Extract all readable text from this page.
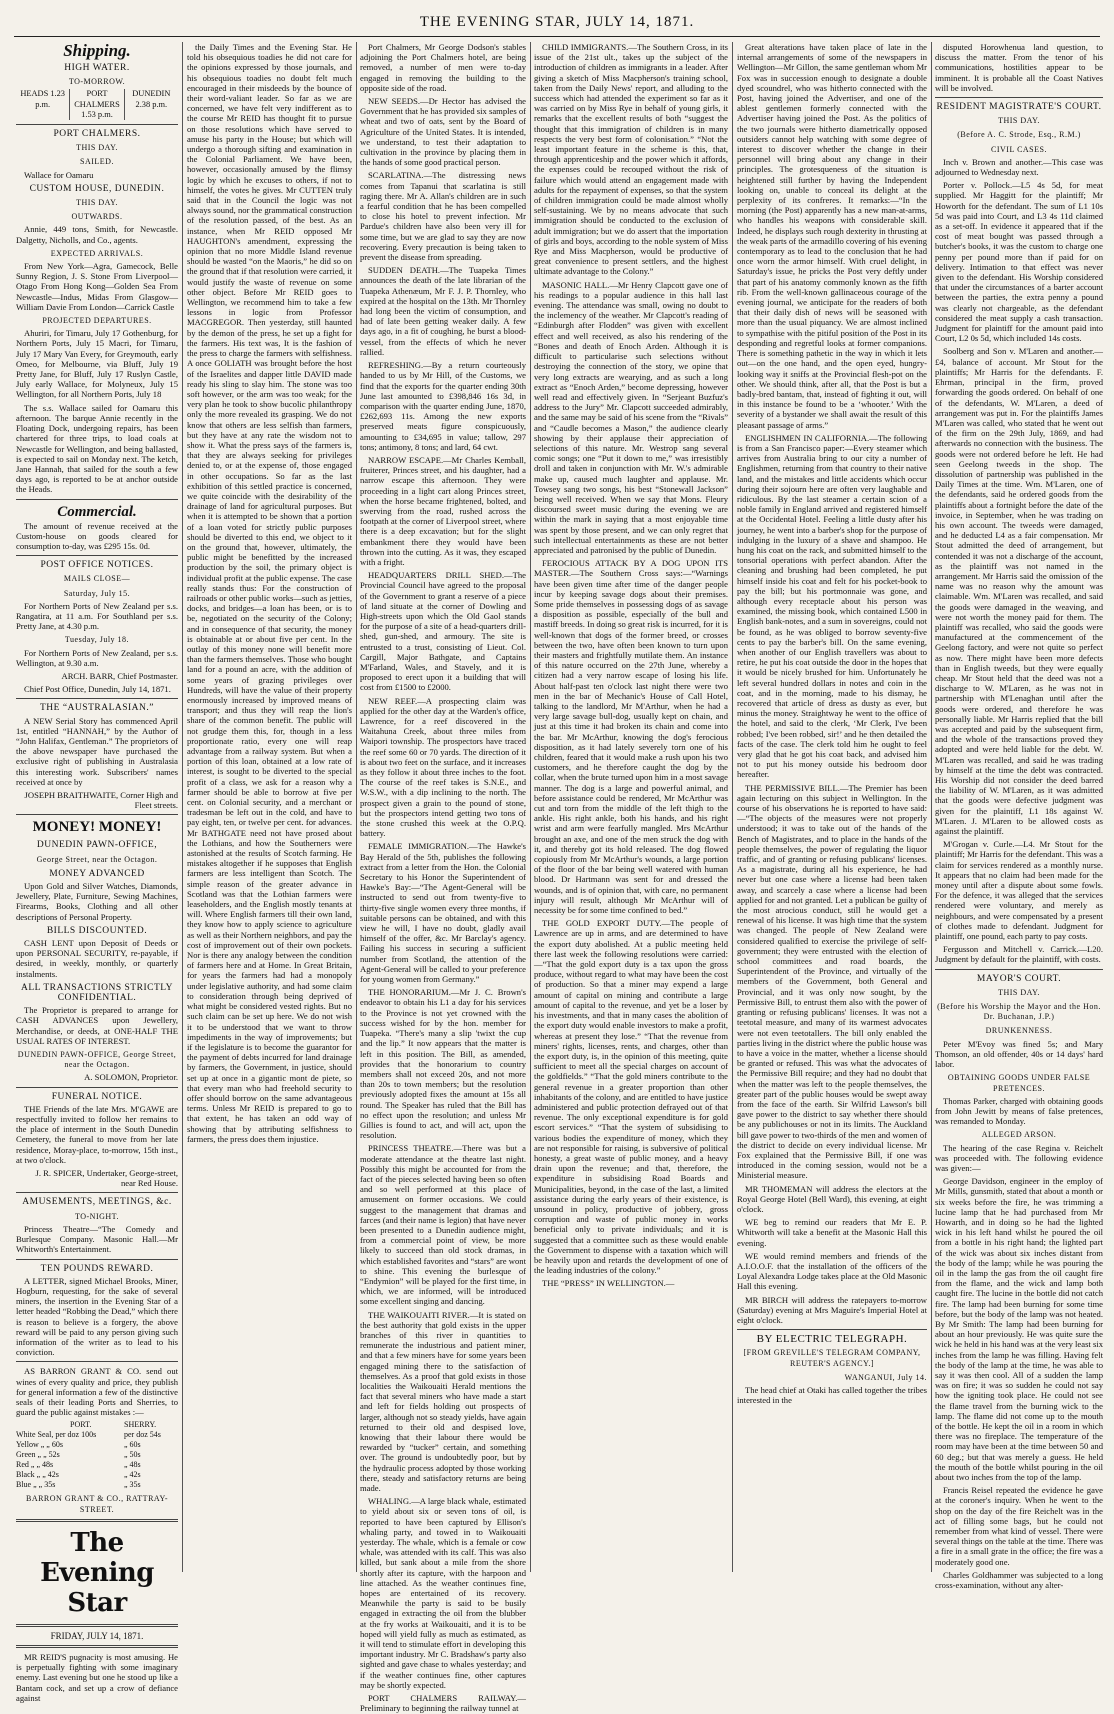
THE EVENING STAR, JULY 14, 1871.
Shipping.
HIGH WATER.
TO-MORROW.
HEADS 1.23 p.m.
PORT CHALMERS 1.53 p.m.
DUNEDIN 2.38 p.m.
PORT CHALMERS.
THIS DAY.
SAILED.

Wallace for Oamaru

CUSTOM HOUSE, DUNEDIN.
THIS DAY.
OUTWARDS.

Annie, 449 tons, Smith, for Newcastle. Dalgetty, Nicholls, and Co., agents.

EXPECTED ARRIVALS.

From New York—Agra, Gamecock, Belle Sunny Region, J. S. Stone From Liverpool—Otago From Hong Kong—Golden Sea From Newcastle—Indus, Midas From Glasgow—William Davie From London—Carrick Castle

PROJECTED DEPARTURES.

Ahuriri, for Timaru, July 17 Gothenburg, for Northern Ports, July 15 Macri, for Timaru, July 17 Mary Van Every, for Greymouth, early Omeo, for Melbourne, via Bluff, July 19 Pretty Jane, for Bluff, July 17 Ruslyn Castle, July early Wallace, for Molyneux, July 15 Wellington, for all Northern Ports, July 18

The s.s. Wallace sailed for Oamaru this afternoon. The barque Annie recently in the Floating Dock, undergoing repairs, has been chartered for three trips, to load coals at Newcastle for Wellington, and being ballasted, is expected to sail on Monday next. The ketch, Jane Hannah, that sailed for the south a few days ago, is reported to be at anchor outside the Heads.

Commercial.

The amount of revenue received at the Custom-house on goods cleared for consumption to-day, was £295 15s. 0d.

POST OFFICE NOTICES.
MAILS CLOSE—
Saturday, July 15.

For Northern Ports of New Zealand per s.s. Rangatira, at 11 a.m. For Southland per s.s. Pretty Jane, at 4.30 p.m.

Tuesday, July 18.

For Northern Ports of New Zealand, per s.s. Wellington, at 9.30 a.m.

ARCH. BARR, Chief Postmaster.

Chief Post Office, Dunedin, July 14, 1871.

THE “AUSTRALASIAN.”

A NEW Serial Story has commenced April 1st, entitled “HANNAH,” by the Author of “John Halifax, Gentleman.” The proprietors of the above newspaper have purchased the exclusive right of publishing in Australasia this interesting work. Subscribers' names received at once by

JOSEPH BRAITHWAITE, Corner High and Fleet streets.

MONEY! MONEY!
DUNEDIN PAWN-OFFICE,
George Street, near the Octagon.
MONEY ADVANCED

Upon Gold and Silver Watches, Diamonds, Jewellery, Plate, Furniture, Sewing Machines, Firearms, Books, Clothing and all other descriptions of Personal Property.

BILLS DISCOUNTED.

CASH LENT upon Deposit of Deeds or upon PERSONAL SECURITY, re-payable, if desired, in weekly, monthly, or quarterly instalments.

ALL TRANSACTIONS STRICTLY CONFIDENTIAL.

The Proprietor is prepared to arrange for CASH ADVANCES upon Jewellery, Merchandise, or deeds, at ONE-HALF THE USUAL RATES OF INTEREST.

DUNEDIN PAWN-OFFICE, George Street, near the Octagon.

A. SOLOMON, Proprietor.

FUNERAL NOTICE.

THE Friends of the late Mrs. M'GAWE are respectfully invited to follow her remains to the place of interment in the South Dunedin Cemetery, the funeral to move from her late residence, Moray-place, to-morrow, 15th inst., at two o'clock.

J. R. SPICER, Undertaker, George-street, near Red House.

AMUSEMENTS, MEETINGS, &c.
TO-NIGHT.

Princess Theatre—“The Comedy and Burlesque Company. Masonic Hall.—Mr Whitworth's Entertainment.

TEN POUNDS REWARD.

A LETTER, signed Michael Brooks, Miner, Hogburn, requesting, for the sake of several miners, the insertion in the Evening Star of a letter headed “Robbing the Dead,” which there is reason to believe is a forgery, the above reward will be paid to any person giving such information of the writer as to lead to his conviction.

AS BARRON GRANT & CO. send out wines of every quality and price, they publish for general information a few of the distinctive seals of their leading Ports and Sherries, to guard the public against mistakes :—

PORT.	SHERRY.
White Seal, per doz 100s	per doz 54s
Yellow „ „ 60s	„ 60s
Green „ „ 52s	„ 50s
Red „ „ 48s	„ 48s
Black „ „ 42s	„ 42s
Blue „ „ 35s	„ 35s
BARRON GRANT & CO., RATTRAY-STREET.
The Evening Star
FRIDAY, JULY 14, 1871.

MR REID'S pugnacity is most amusing. He is perpetually fighting with some imaginary enemy. Last evening but one he stood up like a Bantam cock, and set up a crow of defiance against

the Daily Times and the Evening Star. He told his obsequious toadies he did not care for the opinions expressed by those journals, and his obsequious toadies no doubt felt much encouraged in their misdeeds by the bounce of their word-valiant leader. So far as we are concerned, we have felt very indifferent as to the course Mr REID has thought fit to pursue on those resolutions which have served to amuse his party in the House; but which will undergo a thorough sifting and examination in the Colonial Parliament. We have been, however, occasionally amused by the flimsy logic by which he excuses to others, if not to himself, the votes he gives. Mr CUTTEN truly said that in the Council the logic was not always sound, nor the grammatical construction of the resolution passed, of the best. As an instance, when Mr REID opposed Mr HAUGHTON's amendment, expressing the opinion that no more Middle Island revenue should be wasted “on the Maoris,” he did so on the ground that if that resolution were carried, it would justify the waste of revenue on some other object. Before Mr REID goes to Wellington, we recommend him to take a few lessons in logic from Professor MACGREGOR. Then yesterday, still haunted by the demon of the press, he set up a fight for the farmers. His text was, It is the fashion of the press to charge the farmers with selfishness. A once GOLIATH was brought before the host of the Israelites and dapper little DAVID made ready his sling to slay him. The stone was too soft however, or the arm was too weak; for the very plan he took to show bucolic philanthropy only the more revealed its grasping. We do not know that others are less selfish than farmers, but they have at any rate the wisdom not to show it. What the press says of the farmers is, that they are always seeking for privileges denied to, or at the expense of, those engaged in other occupations. So far as the last exhibition of this settled practice is concerned, we quite coincide with the desirability of the drainage of land for agricultural purposes. But when it is attempted to be shown that a portion of a loan voted for strictly public purposes should be diverted to this end, we object to it on the ground that, however, ultimately, the public might be benefitted by the increased production by the soil, the primary object is individual profit at the public expense. The case really stands thus: For the construction of railroads or other public works—such as jetties, docks, and bridges—a loan has been, or is to be, negotiated on the security of the Colony; and in consequence of that security, the money is obtainable at or about five per cent. In the outlay of this money none will benefit more than the farmers themselves. Those who bought land for a pound an acre, with the addition of some years of grazing privileges over Hundreds, will have the value of their property enormously increased by improved means of transport; and thus they will reap the lion's share of the common benefit. The public will not grudge them this, for, though in a less proportionate ratio, every one will reap advantage from a railway system. But when a portion of this loan, obtained at a low rate of interest, is sought to be diverted to the special profit of a class, we ask for a reason why a farmer should be able to borrow at five per cent. on Colonial security, and a merchant or tradesman be left out in the cold, and have to pay eight, ten, or twelve per cent. for advances. Mr BATHGATE need not have prosed about the Lothians, and how the Southerners were astonished at the results of Scotch farming. He mistakes altogether if he supposes that English farmers are less intelligent than Scotch. The simple reason of the greater advance in Scotland was that the Lothian farmers were leaseholders, and the English mostly tenants at will. Where English farmers till their own land, they know how to apply science to agriculture as well as their Northern neighbors, and pay the cost of improvement out of their own pockets. Nor is there any analogy between the condition of farmers here and at Home. In Great Britain, for years the farmers had had a monopoly under legislative authority, and had some claim to consideration through being deprived of what might be considered vested rights. But no such claim can be set up here. We do not wish it to be understood that we want to throw impediments in the way of improvements; but if the legislature is to become the guarantor for the payment of debts incurred for land drainage by farmers, the Government, in justice, should set up at once in a gigantic mont de piete, so that every man who had freehold security to offer should borrow on the same advantageous terms. Unless Mr REID is prepared to go to that extent, he has taken an odd way of showing that by attributing selfishness to farmers, the press does them injustice.

Port Chalmers, Mr George Dodson's stables adjoining the Port Chalmers hotel, are being removed, a number of men were to-day engaged in removing the building to the opposite side of the road.

NEW SEEDS.—Dr Hector has advised the Government that he has provided six samples of wheat and two of oats, sent by the Board of Agriculture of the United States. It is intended, we understand, to test their adaptation to cultivation in the province by placing them in the hands of some good practical person.

SCARLATINA.—The distressing news comes from Tapanui that scarlatina is still raging there. Mr A. Allan's children are in such a fearful condition that he has been compelled to close his hotel to prevent infection. Mr Pardue's children have also been very ill for some time, but we are glad to say they are now recovering. Every precaution is being taken to prevent the disease from spreading.

SUDDEN DEATH.—The Tuapeka Times announces the death of the late librarian of the Tuapeka Athenæum, Mr F. J. P. Thornley, who expired at the hospital on the 13th. Mr Thornley had long been the victim of consumption, and had of late been getting weaker daily. A few days ago, in a fit of coughing, he burst a blood-vessel, from the effects of which he never rallied.

REFRESHING.—By a return courteously handed to us by Mr Hill, of the Customs, we find that the exports for the quarter ending 30th June last amounted to £398,846 16s 3d, in comparison with the quarter ending June, 1870, £262,693 11s. Among the new exports preserved meats figure conspicuously, amounting to £34,695 in value; tallow, 297 tons; antimony, 8 tons; and lard, 64 cwt.

NARROW ESCAPE.—Mr Charles Kemball, fruiterer, Princes street, and his daughter, had a narrow escape this afternoon. They were proceeding in a light cart along Princes street, when the horse became frightened, bolted, and swerving from the road, rushed across the footpath at the corner of Liverpool street, where there is a deep excavation; but for the slight embankment there they would have been thrown into the cutting. As it was, they escaped with a fright.

HEADQUARTERS DRILL SHED.—The Provincial Council have agreed to the proposal of the Government to grant a reserve of a piece of land situate at the corner of Dowling and High-streets upon which the Old Gaol stands for the purpose of a site of a head-quarters drill-shed, gun-shed, and armoury. The site is entrusted to a trust, consisting of Lieut. Col. Cargill, Major Bathgate, and Captains M'Farland, Wales, and Stavely, and it is proposed to erect upon it a building that will cost from £1500 to £2000.

NEW REEF.—A prospecting claim was applied for the other day at the Warden's office, Lawrence, for a reef discovered in the Waitahuna Creek, about three miles from Waipori township. The prospectors have traced the reef some 60 or 70 yards. The direction of it is about two feet on the surface, and it increases as they follow it about three inches to the foot. The course of the reef takes is S.N.E., and W.S.W., with a dip inclining to the north. The prospect given a grain to the pound of stone, but the prospectors intend getting two tons of the stone crushed this week at the O.P.Q. battery.

FEMALE IMMIGRATION.—The Hawke's Bay Herald of the 5th, publishes the following extract from a letter from the Hon. the Colonial Secretary to his Honor the Superintendent of Hawke's Bay:—“The Agent-General will be instructed to send out from twenty-five to thirty-five single women every three months, if suitable persons can be obtained, and with this view he will, I have no doubt, gladly avail himself of the offer, &c. Mr Barclay's agency. Failing his success in securing a sufficient number from Scotland, the attention of the Agent-General will be called to your preference for young women from Germany.”

THE HONORARIUM.—Mr J. C. Brown's endeavor to obtain his L1 a day for his services to the Province is not yet crowned with the success wished for by the hon. member for Tuapeka. “There's many a slip 'twixt the cup and the lip.” It now appears that the matter is left in this position. The Bill, as amended, provides that the honorarium to country members shall not exceed 20s, and not more than 20s to town members; but the resolution previously adopted fixes the amount at 15s all round. The Speaker has ruled that the Bill has no effect upon the resolution; and unless Mr Gillies is found to act, and will act, upon the resolution.

PRINCESS THEATRE.—There was but a moderate attendance at the theatre last night. Possibly this might be accounted for from the fact of the pieces selected having been so often and so well performed at this place of amusement on former occasions. We could suggest to the management that dramas and farces (and their name is legion) that have never been presented to a Dunedin audience might, from a commercial point of view, be more likely to succeed than old stock dramas, in which established favorites and “stars” are wont to shine. This evening the burlesque of “Endymion” will be played for the first time, in which, we are informed, will be introduced some excellent singing and dancing.

THE WAIKOUAITI RIVER.—It is stated on the best authority that gold exists in the upper branches of this river in quantities to remunerate the industrious and patient miner, and that a few miners have for some years been engaged mining there to the satisfaction of themselves. As a proof that gold exists in those localities the Waikouaiti Herald mentions the fact that several miners who have made a start and left for fields holding out prospects of larger, although not so steady yields, have again returned to their old and despised love, knowing that their labour there would be rewarded by “tucker” certain, and something over. The ground is undoubtedly poor, but by the hydraulic process adopted by those working there, steady and satisfactory returns are being made.

WHALING.—A large black whale, estimated to yield about six or seven tons of oil, is reported to have been captured by Ellison's whaling party, and towed in to Waikouaiti yesterday. The whale, which is a female or cow whale, was attended with its calf. This was also killed, but sank about a mile from the shore shortly after its capture, with the harpoon and line attached. As the weather continues fine, hopes are entertained of its recovery. Meanwhile the party is said to be busily engaged in extracting the oil from the blubber at the fry works at Waikouaiti, and it is to be hoped will yield fully as much as estimated, as it will tend to stimulate effort in developing this important industry. Mr C. Bradshaw's party also sighted and gave chase to whales yesterday; and if the weather continues fine, other captures may be shortly expected.

PORT CHALMERS RAILWAY.—Preliminary to beginning the railway tunnel at

CHILD IMMIGRANTS.—The Southern Cross, in its issue of the 21st ult., takes up the subject of the introduction of children as immigrants in a leader. After giving a sketch of Miss Macpherson's training school, taken from the Daily News' report, and alluding to the success which had attended the experiment so far as it was carried on by Miss Rye in behalf of young girls, it remarks that the excellent results of both “suggest the thought that this immigration of children is in many respects the very best form of colonisation.” “Not the least important feature in the scheme is this, that, through apprenticeship and the power which it affords, the expenses could be recouped without the risk of failure which would attend an engagement made with adults for the repayment of expenses, so that the system of children immigration could be made almost wholly self-sustaining. We by no means advocate that such immigration should be conducted to the exclusion of adult immigration; but we do assert that the importation of girls and boys, according to the noble system of Miss Rye and Miss Macpherson, would be productive of great convenience to present settlers, and the highest ultimate advantage to the Colony.”

MASONIC HALL.—Mr Henry Clapcott gave one of his readings to a popular audience in this hall last evening. The attendance was small, owing no doubt to the inclemency of the weather. Mr Clapcott's reading of “Edinburgh after Flodden” was given with excellent effect and well received, as also his rendering of the “Bones and death of Enoch Arden. Although it is difficult to particularise such selections without destroying the connection of the story, we opine that very long extracts are wearying, and as such a long extract as “Enoch Arden,” become depressing, however well read and effectively given. In “Serjeant Buzfuz's address to the Jury” Mr. Clapcott succeeded admirably, and the same may be said of his scene from the “Rivals” and “Caudle becomes a Mason,” the audience clearly showing by their applause their appreciation of selections of this nature. Mr. Westrop sang several comic songs; one “Put it down to me,” was irresistibly droll and taken in conjunction with Mr. W.'s admirable make up, caused much laughter and applause. Mr. Towsey sang two songs, his best “Stonewall Jackson” being well received. When we say that Mons. Fleury discoursed sweet music during the evening we are within the mark in saying that a most enjoyable time was spent by those present, and we can only regret that such intellectual entertainments as these are not better appreciated and patronised by the public of Dunedin.

FEROCIOUS ATTACK BY A DOG UPON ITS MASTER.—The Southern Cross says:—“Warnings have been given time after time of the danger people incur by keeping savage dogs about their premises. Some pride themselves in possessing dogs of as savage a disposition as possible, especially of the bull and mastiff breeds. In doing so great risk is incurred, for it is well-known that dogs of the former breed, or crosses between the two, have often been known to turn upon their masters and frightfully mutilate them. An instance of this nature occurred on the 27th June, whereby a citizen had a very narrow escape of losing his life. About half-past ten o'clock last night there were two men in the bar of Mechanic's House of Call Hotel, talking to the landlord, Mr M'Arthur, when he had a very large savage bull-dog, usually kept on chain, and just at this time it had broken its chain and come into the bar. Mr McArthur, knowing the dog's ferocious disposition, as it had lately severely torn one of his children, feared that it would make a rush upon his two customers, and he therefore caught the dog by the collar, when the brute turned upon him in a most savage manner. The dog is a large and powerful animal, and before assistance could be rendered, Mr McArthur was cut and torn from the middle of the left thigh to the ankle. His right ankle, both his hands, and his right wrist and arm were fearfully mangled. Mrs McArthur brought an axe, and one of the men struck the dog with it, and thereby got its hold released. The dog flowed copiously from Mr McArthur's wounds, a large portion of the floor of the bar being well watered with human blood. Dr Hartmann was sent for and dressed the wounds, and is of opinion that, with care, no permanent injury will result, although Mr McArthur will of necessity be for some time confined to bed.”

THE GOLD EXPORT DUTY.—The people of Lawrence are up in arms, and are determined to have the export duty abolished. At a public meeting held there last week the following resolutions were carried:—“That the gold export duty is a tax upon the gross produce, without regard to what may have been the cost of production. So that a miner may expend a large amount of capital on mining and contribute a large amount of capital to the revenue, and yet be a loser by his investments, and that in many cases the abolition of the export duty would enable investors to make a profit, whereas at present they lose.” “That the revenue from miners' rights, licenses, rents, and charges, other than the export duty, is, in the opinion of this meeting, quite sufficient to meet all the special charges on account of the goldfields.” “That the gold miners contribute to the general revenue in a greater proportion than other inhabitants of the colony, and are entitled to have justice administered and public protection defrayed out of that revenue. The only exceptional expenditure is for gold escort services.” “That the system of subsidising to various bodies the expenditure of money, which they are not responsible for raising, is subversive of political honesty, a great waste of public money, and a heavy drain upon the revenue; and that, therefore, the expenditure in subsidising Road Boards and Municipalities, beyond, in the case of the last, a limited assistance during the early years of their existence, is unsound in policy, productive of jobbery, gross corruption and waste of public money in works beneficial only to private individuals; and it is suggested that a committee such as these would enable the Government to dispense with a taxation which will be heavily upon and retards the development of one of the leading industries of the colony.”

THE “PRESS” IN WELLINGTON.—

Great alterations have taken place of late in the internal arrangements of some of the newspapers in Wellington—Mr Gillon, the same gentleman whom Mr Fox was in succession enough to designate a double dyed scoundrel, who was hitherto connected with the Post, having joined the Advertiser, and one of the ablest gentlemen formerly connected with the Advertiser having joined the Post. As the politics of the two journals were hitherto diametrically opposed outsiders cannot help watching with some degree of interest to discover whether the change in their personnel will bring about any change in their principles. The grotesqueness of the situation is heightened still further by having the Independent looking on, unable to conceal its delight at the perplexity of its confreres. It remarks:—“In the morning (the Post) apparently has a new man-at-arms, who handles his weapons with considerable skill. Indeed, he displays such rough dexterity in thrusting at the weak parts of the armadillo covering of his evening contemporary as to lead to the conclusion that he had once worn the armor himself. With cruel delight, in Saturday's issue, he pricks the Post very deftly under that part of his anatomy commonly known as the fifth rib. From the well-known gallinaceous courage of the evening journal, we anticipate for the readers of both that their daily dish of news will be seasoned with more than the usual piquancy. We are almost inclined to sympathise with the pitiful position of the Post in its desponding and regretful looks at former companions. There is something pathetic in the way in which it lets out—on the one hand, and the open eyed, hungry-looking way it sniffs at the Provincial flesh-pot on the other. We should think, after all, that the Post is but a badly-bred bantam, that, instead of fighting it out, will in this instance be found to be a ‘whooter.’ With the severity of a bystander we shall await the result of this pleasant passage of arms.”

ENGLISHMEN IN CALIFORNIA.—The following is from a San Francisco paper:—Every steamer which arrives from Australia bring to our city a number of Englishmen, returning from that country to their native land, and the mistakes and little accidents which occur during their sojourn here are often very laughable and ridiculous. By the last steamer a certain scion of a noble family in England arrived and registered himself at the Occidental Hotel. Feeling a little dusty after his journey, he went into a barber's shop for the purpose of indulging in the luxury of a shave and shampoo. He hung his coat on the rack, and submitted himself to the tonsorial operations with perfect abandon. After the cleaning and brushing had been completed, he put himself inside his coat and felt for his pocket-book to pay the bill; but his portmonnaie was gone, and although every receptacle about his person was examined, the missing book, which contained L500 in English bank-notes, and a sum in sovereigns, could not be found, as he was obliged to borrow seventy-five cents to pay the barber's bill. On the same evening, when another of our English travellers was about to retire, he put his coat outside the door in the hopes that it would be nicely brushed for him. Unfortunately he left several hundred dollars in notes and coin in the coat, and in the morning, made to his dismay, he recovered that article of dress as dusty as ever, but minus the money. Straightway he went to the office of the hotel, and said to the clerk, ‘Mr Clerk, I've been robbed; I've been robbed, sir!’ and he then detailed the facts of the case. The clerk told him he ought to feel very glad that he got his coat back, and advised him not to put his money outside his bedroom door hereafter.

THE PERMISSIVE BILL.—The Premier has been again lecturing on this subject in Wellington. In the course of his observations he is reported to have said:—“The objects of the measures were not properly understood; it was to take out of the hands of the Bench of Magistrates, and to place in the hands of the people themselves, the power of regulating the liquor traffic, and of granting or refusing publicans' licenses. As a magistrate, during all his experience, he had never but one case where a license had been taken away, and scarcely a case where a license had been applied for and not granted. Let a publican be guilty of the most atrocious conduct, still he would get a renewal of his license. It was high time that the system was changed. The people of New Zealand were considered qualified to exercise the privilege of self-government; they were entrusted with the election of school committees and road boards, the Superintendent of the Province, and virtually of the members of the Government, both General and Provincial, and it was only now sought, by the Permissive Bill, to entrust them also with the power of granting or refusing publicans' licenses. It was not a teetotal measure, and many of its warmest advocates were not even teetotallers. The bill only enabled the parties living in the district where the public house was to have a voice in the matter, whether a license should be granted or refused. This was what the advocates of the Permissive Bill require; and they had no doubt that when the matter was left to the people themselves, the greater part of the public houses would be swept away from the face of the earth. Sir Wilfrid Lawson's bill gave power to the district to say whether there should be any publichouses or not in its limits. The Auckland bill gave power to two-thirds of the men and women of the district to decide on every individual license. Mr Fox explained that the Permissive Bill, if one was introduced in the coming session, would not be a Ministerial measure.

MR THOMEMAN will address the electors at the Royal George Hotel (Bell Ward), this evening, at eight o'clock.

WE beg to remind our readers that Mr E. P. Whitworth will take a benefit at the Masonic Hall this evening.

WE would remind members and friends of the A.I.O.O.F. that the installation of the officers of the Loyal Alexandra Lodge takes place at the Old Masonic Hall this evening.

MR BIRCH will address the ratepayers to-morrow (Saturday) evening at Mrs Maguire's Imperial Hotel at eight o'clock.

BY ELECTRIC TELEGRAPH.
[FROM GREVILLE'S TELEGRAM COMPANY, REUTER'S AGENCY.]
WANGANUI, July 14.

The head chief at Otaki has called together the tribes interested in the

disputed Horowhenua land question, to discuss the matter. From the tenor of his communications, hostilities appear to be imminent. It is probable all the Coast Natives will be involved.

RESIDENT MAGISTRATE'S COURT.
THIS DAY.
(Before A. C. Strode, Esq., R.M.)
CIVIL CASES.

Inch v. Brown and another.—This case was adjourned to Wednesday next.

Porter v. Pollock.—L5 4s 5d, for meat supplied. Mr Haggitt for the plaintiff; Mr Howorth for the defendant. The sum of L1 10s 5d was paid into Court, and L3 4s 11d claimed as a set-off. In evidence it appeared that if the cost of meat bought was passed through a butcher's books, it was the custom to charge one penny per pound more than if paid for on delivery. Intimation to that effect was never given to the defendant. His Worship considered that under the circumstances of a barter account between the parties, the extra penny a pound was clearly not chargeable, as the defendant considered the meat supply a cash transaction. Judgment for plaintiff for the amount paid into Court, L2 0s 5d, which included 14s costs.

Soolberg and Son v. M'Laren and another.—£4, balance of account. Mr Stout for the plaintiffs; Mr Harris for the defendants. F. Ehrman, principal in the firm, proved forwarding the goods ordered. On behalf of one of the defendants, W. M'Laren, a deed of arrangement was put in. For the plaintiffs James M'Laren was called, who stated that he went out of the firm on the 29th July, 1869, and had afterwards no connection with the business. The goods were not ordered before he left. He had seen Geelong tweeds in the shop. The dissolution of partnership was published in the Daily Times at the time. Wm. M'Laren, one of the defendants, said he ordered goods from the plaintiffs about a fortnight before the date of the invoice, in September, when he was trading on his own account. The tweeds were damaged, and he deducted L4 as a fair compensation. Mr Stout admitted the deed of arrangement, but contended it was not a discharge of the account, as the plaintiff was not named in the arrangement. Mr Harris said the omission of the name was no reason why the amount was claimable. Wm. M'Laren was recalled, and said the goods were damaged in the weaving, and were not worth the money paid for them. The plaintiff was recalled, who said the goods were manufactured at the commencement of the Geelong factory, and were not quite so perfect as now. There might have been more defects than in English tweeds, but they were equally cheap. Mr Stout held that the deed was not a discharge to W. M'Laren, as he was not in partnership with M'Lenaghan until after the goods were ordered, and therefore he was personally liable. Mr Harris replied that the bill was accepted and paid by the subsequent firm, and the whole of the transactions proved they adopted and were held liable for the debt. W. M'Laren was recalled, and said he was trading by himself at the time the debt was contracted. His Worship did not consider the deed barred the liability of W. M'Laren, as it was admitted that the goods were defective judgment was given for the plaintiff, L1 18s against W. M'Laren. J. M'Laren to be allowed costs as against the plaintiff.

M'Grogan v. Curle.—L4. Mr Stout for the plaintiff; Mr Harris for the defendant. This was a claim for services rendered as a monthly nurse. It appears that no claim had been made for the money until after a dispute about some fowls. For the defence, it was alleged that the services rendered were voluntary, and merely as neighbours, and were compensated by a present of clothes made to defendant. Judgment for plaintiff, one pound, each party to pay costs.

Fergusson and Mitchell v. Carrick.—L20. Judgment by default for the plaintiff, with costs.

MAYOR'S COURT.
THIS DAY.
(Before his Worship the Mayor and the Hon. Dr. Buchanan, J.P.)
DRUNKENNESS.

Peter M'Evoy was fined 5s; and Mary Thomson, an old offender, 40s or 14 days' hard labor.

OBTAINING GOODS UNDER FALSE PRETENCES.

Thomas Parker, charged with obtaining goods from John Jewitt by means of false pretences, was remanded to Monday.

ALLEGED ARSON.

The hearing of the case Regina v. Reichelt was proceeded with. The following evidence was given:—

George Davidson, engineer in the employ of Mr Mills, gunsmith, stated that about a month or six weeks before the fire, he was trimming a lucine lamp that he had purchased from Mr Howarth, and in doing so he had the lighted wick in his left hand whilst he poured the oil from a bottle in his right hand; the lighted part of the wick was about six inches distant from the body of the lamp; while he was pouring the oil in the lamp the gas from the oil caught fire from the flame, and the wick and lamp both caught fire. The lucine in the bottle did not catch fire. The lamp had been burning for some time before, but the body of the lamp was not heated. By Mr Smith: The lamp had been burning for about an hour previously. He was quite sure the wick he held in his hand was at the very least six inches from the lamp he was filling. Having felt the body of the lamp at the time, he was able to say it was then cool. All of a sudden the lamp was on fire; it was so sudden he could not say how the igniting took place. He could not see the flame travel from the burning wick to the lamp. The flame did not come up to the mouth of the bottle. He kept the oil in a room in which there was no fireplace. The temperature of the room may have been at the time between 50 and 60 deg.; but that was merely a guess. He held the mouth of the bottle whilst pouring in the oil about two inches from the top of the lamp.

Francis Reisel repeated the evidence he gave at the coroner's inquiry. When he went to the shop on the day of the fire Reichelt was in the act of filling some bags, but he could not remember from what kind of vessel. There were several things on the table at the time. There was a fire in a small grate in the office; the fire was a moderately good one.

Charles Goldhammer was subjected to a long cross-examination, without any alter-
